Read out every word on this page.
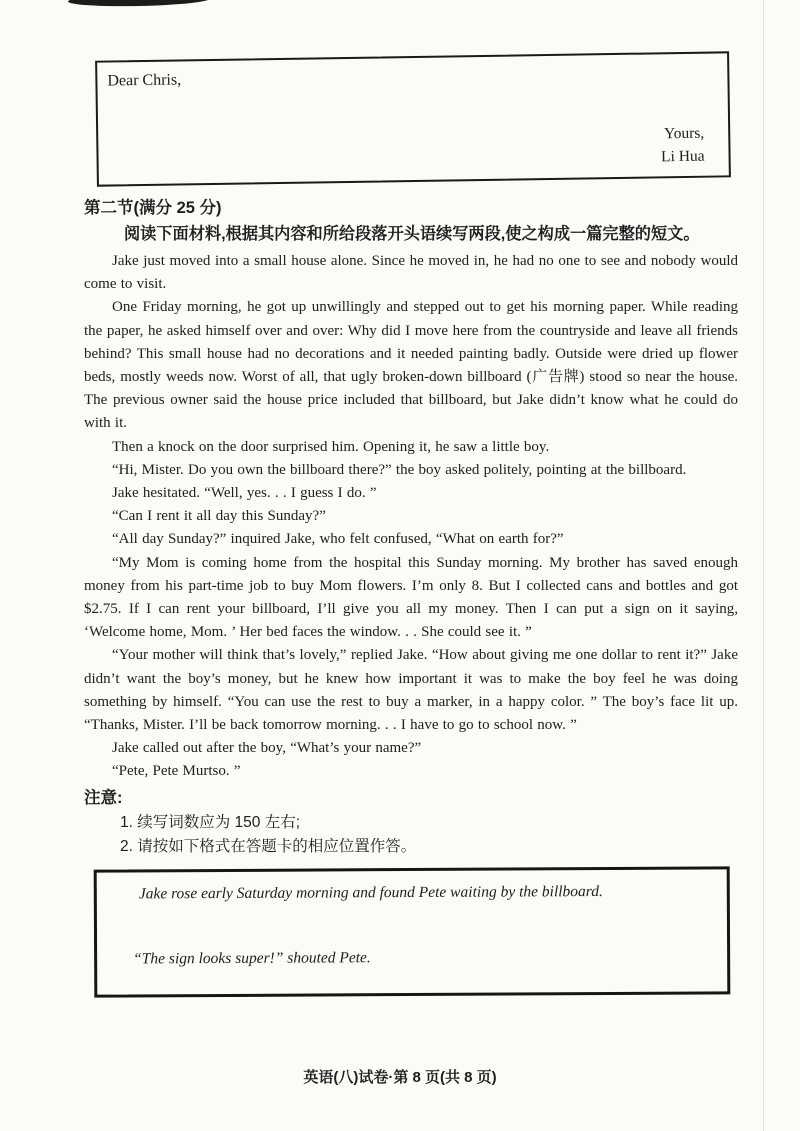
Dear Chris,
Yours,
Li Hua
第二节(满分 25 分)
阅读下面材料,根据其内容和所给段落开头语续写两段,使之构成一篇完整的短文。

Jake just moved into a small house alone. Since he moved in, he had no one to see and nobody would come to visit.

One Friday morning, he got up unwillingly and stepped out to get his morning paper. While reading the paper, he asked himself over and over: Why did I move here from the countryside and leave all friends behind? This small house had no decorations and it needed painting badly. Outside were dried up flower beds, mostly weeds now. Worst of all, that ugly broken-down billboard (广告牌) stood so near the house. The previous owner said the house price included that billboard, but Jake didn’t know what he could do with it.

Then a knock on the door surprised him. Opening it, he saw a little boy.

“Hi, Mister. Do you own the billboard there?” the boy asked politely, pointing at the billboard.

Jake hesitated. “Well, yes. . . I guess I do. ”

“Can I rent it all day this Sunday?”

“All day Sunday?” inquired Jake, who felt confused, “What on earth for?”

“My Mom is coming home from the hospital this Sunday morning. My brother has saved enough money from his part-time job to buy Mom flowers. I’m only 8. But I collected cans and bottles and got $2.75. If I can rent your billboard, I’ll give you all my money. Then I can put a sign on it saying, ‘Welcome home, Mom. ’ Her bed faces the window. . . She could see it. ”

“Your mother will think that’s lovely,” replied Jake. “How about giving me one dollar to rent it?” Jake didn’t want the boy’s money, but he knew how important it was to make the boy feel he was doing something by himself. “You can use the rest to buy a marker, in a happy color. ” The boy’s face lit up. “Thanks, Mister. I’ll be back tomorrow morning. . . I have to go to school now. ”

Jake called out after the boy, “What’s your name?”

“Pete, Pete Murtso. ”

注意:
1. 续写词数应为 150 左右;
2. 请按如下格式在答题卡的相应位置作答。

Jake rose early Saturday morning and found Pete waiting by the billboard.

“The sign looks super!” shouted Pete.

英语(八)试卷·第 8 页(共 8 页)
